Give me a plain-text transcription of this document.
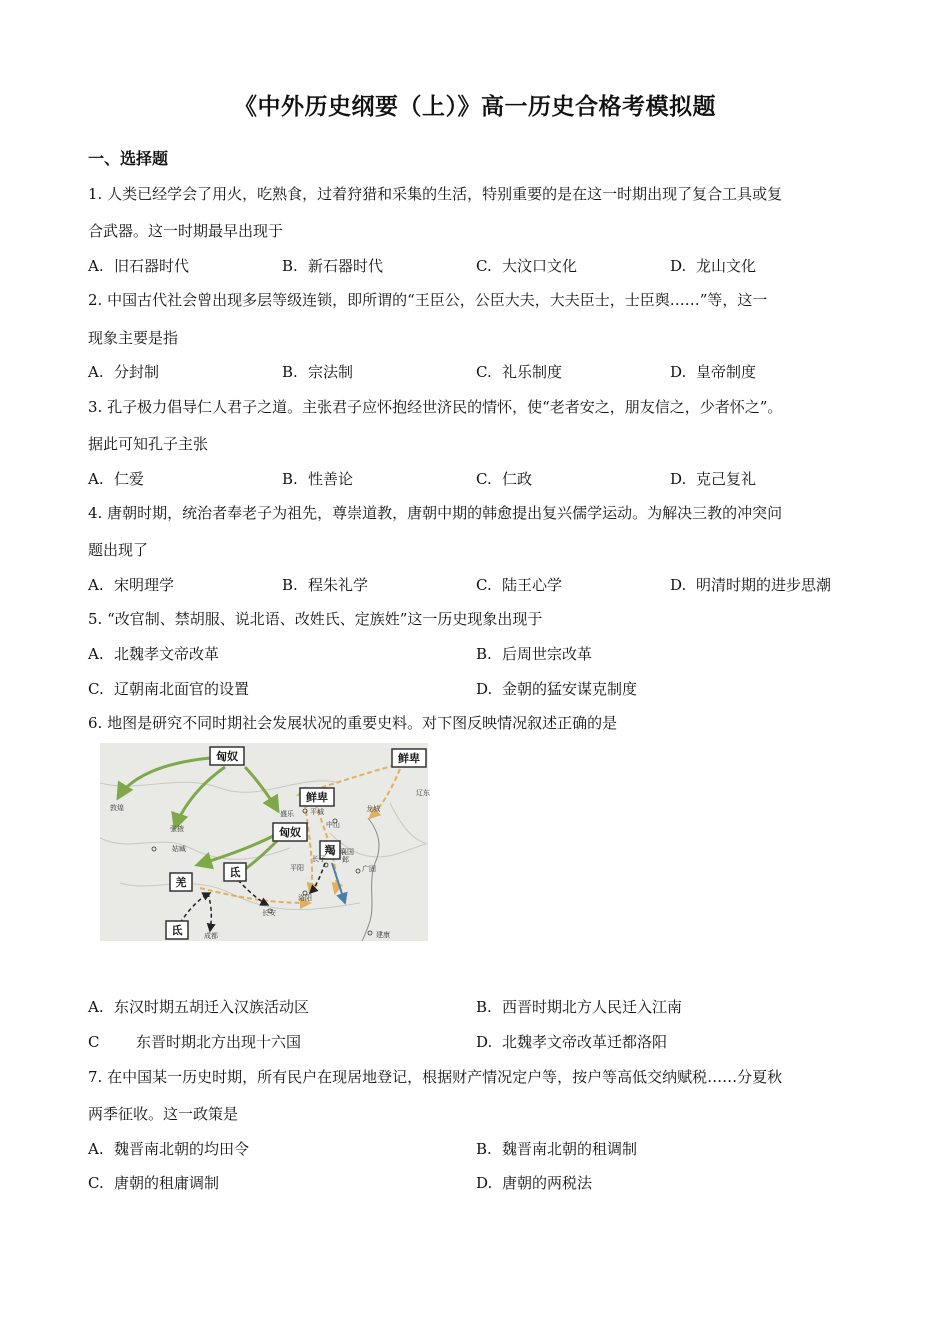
《中外历史纲要（上）》高一历史合格考模拟题
一、选择题
1. 人类已经学会了用火，吃熟食，过着狩猎和采集的生活，特别重要的是在这一时期出现了复合工具或复
合武器。这一时期最早出现于
A. 旧石器时代	B. 新石器时代	C. 大汶口文化	D. 龙山文化
2. 中国古代社会曾出现多层等级连锁，即所谓的“王臣公，公臣大夫，大夫臣士，士臣舆……”等，这一
现象主要是指
A. 分封制	B. 宗法制	C. 礼乐制度	D. 皇帝制度
3. 孔子极力倡导仁人君子之道。主张君子应怀抱经世济民的情怀，使“老者安之，朋友信之，少者怀之”。
据此可知孔子主张
A. 仁爱	B. 性善论	C. 仁政	D. 克己复礼
4. 唐朝时期，统治者奉老子为祖先，尊崇道教，唐朝中期的韩愈提出复兴儒学运动。为解决三教的冲突问
题出现了
A. 宋明理学	B. 程朱礼学	C. 陆王心学	D. 明清时期的进步思潮
5. “改官制、禁胡服、说北语、改姓氏、定族姓”这一历史现象出现于
A. 北魏孝文帝改革	B. 后周世宗改革
C. 辽朝南北面官的设置	D. 金朝的猛安谋克制度
6. 地图是研究不同时期社会发展状况的重要史料。对下图反映情况叙述正确的是
匈奴	鲜卑
鲜卑
匈奴
羯
羌
氐
氐
敦煌
张掖
姑臧
盛乐 平城
中山
龙城
辽东
邺
长子
襄国
广固
平阳
长安
洛阳
成都	建康
A. 东汉时期五胡迁入汉族活动区	B. 西晋时期北方人民迁入江南
C 东晋时期北方出现十六国	D. 北魏孝文帝改革迁都洛阳
7. 在中国某一历史时期，所有民户在现居地登记，根据财产情况定户等，按户等高低交纳赋税……分夏秋
两季征收。这一政策是
A. 魏晋南北朝的均田令	B. 魏晋南北朝的租调制
C. 唐朝的租庸调制	D. 唐朝的两税法
